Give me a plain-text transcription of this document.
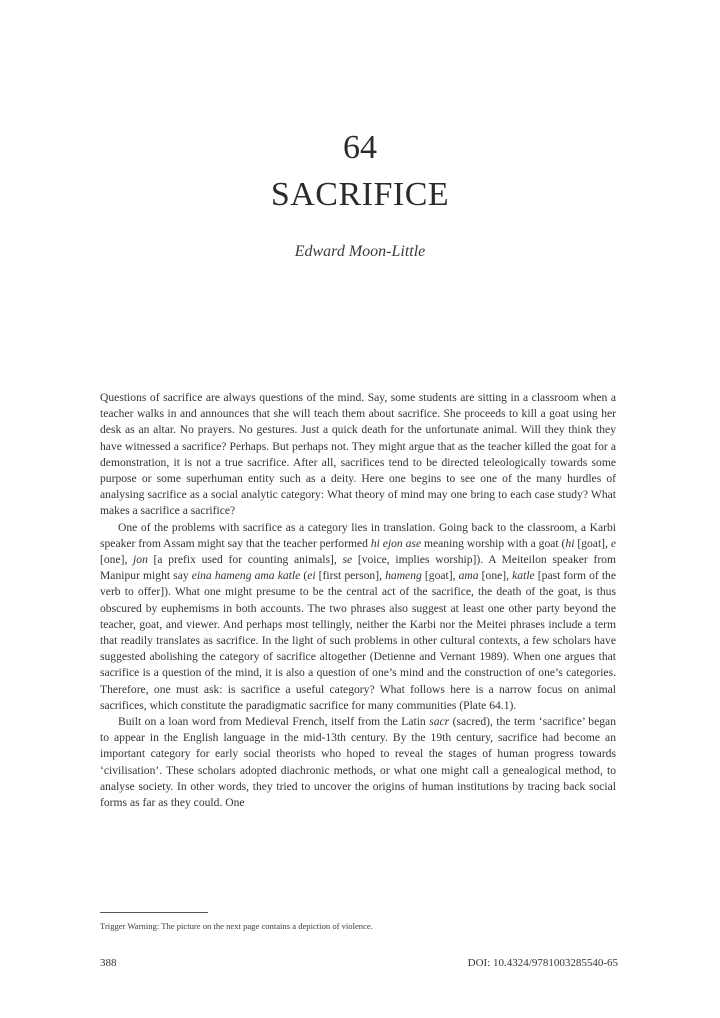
64
SACRIFICE
Edward Moon-Little

Questions of sacrifice are always questions of the mind. Say, some students are sitting in a classroom when a teacher walks in and announces that she will teach them about sacrifice. She proceeds to kill a goat using her desk as an altar. No prayers. No gestures. Just a quick death for the unfortunate animal. Will they think they have witnessed a sacrifice? Perhaps. But perhaps not. They might argue that as the teacher killed the goat for a demonstration, it is not a true sacrifice. After all, sacrifices tend to be directed teleologically towards some purpose or some superhuman entity such as a deity. Here one begins to see one of the many hurdles of analysing sacrifice as a social analytic category: What theory of mind may one bring to each case study? What makes a sacrifice a sacrifice?

One of the problems with sacrifice as a category lies in translation. Going back to the classroom, a Karbi speaker from Assam might say that the teacher performed hi ejon ase meaning worship with a goat (hi [goat], e [one], jon [a prefix used for counting animals], se [voice, implies worship]). A Meiteilon speaker from Manipur might say eina hameng ama katle (ei [first person], hameng [goat], ama [one], katle [past form of the verb to offer]). What one might presume to be the central act of the sacrifice, the death of the goat, is thus obscured by euphemisms in both accounts. The two phrases also suggest at least one other party beyond the teacher, goat, and viewer. And perhaps most tellingly, neither the Karbi nor the Meitei phrases include a term that readily translates as sacrifice. In the light of such problems in other cultural contexts, a few scholars have suggested abolishing the category of sacrifice altogether (Detienne and Vernant 1989). When one argues that sacrifice is a question of the mind, it is also a question of one’s mind and the construction of one’s categories. Therefore, one must ask: is sacrifice a useful category? What follows here is a narrow focus on animal sacrifices, which constitute the paradigmatic sacrifice for many communities (Plate 64.1).

Built on a loan word from Medieval French, itself from the Latin sacr (sacred), the term ‘sacrifice’ began to appear in the English language in the mid-13th century. By the 19th century, sacrifice had become an important category for early social theorists who hoped to reveal the stages of human progress towards ‘civilisation’. These scholars adopted diachronic methods, or what one might call a genealogical method, to analyse society. In other words, they tried to uncover the origins of human institutions by tracing back social forms as far as they could. One

Trigger Warning: The picture on the next page contains a depiction of violence.
388	DOI: 10.4324/9781003285540-65
